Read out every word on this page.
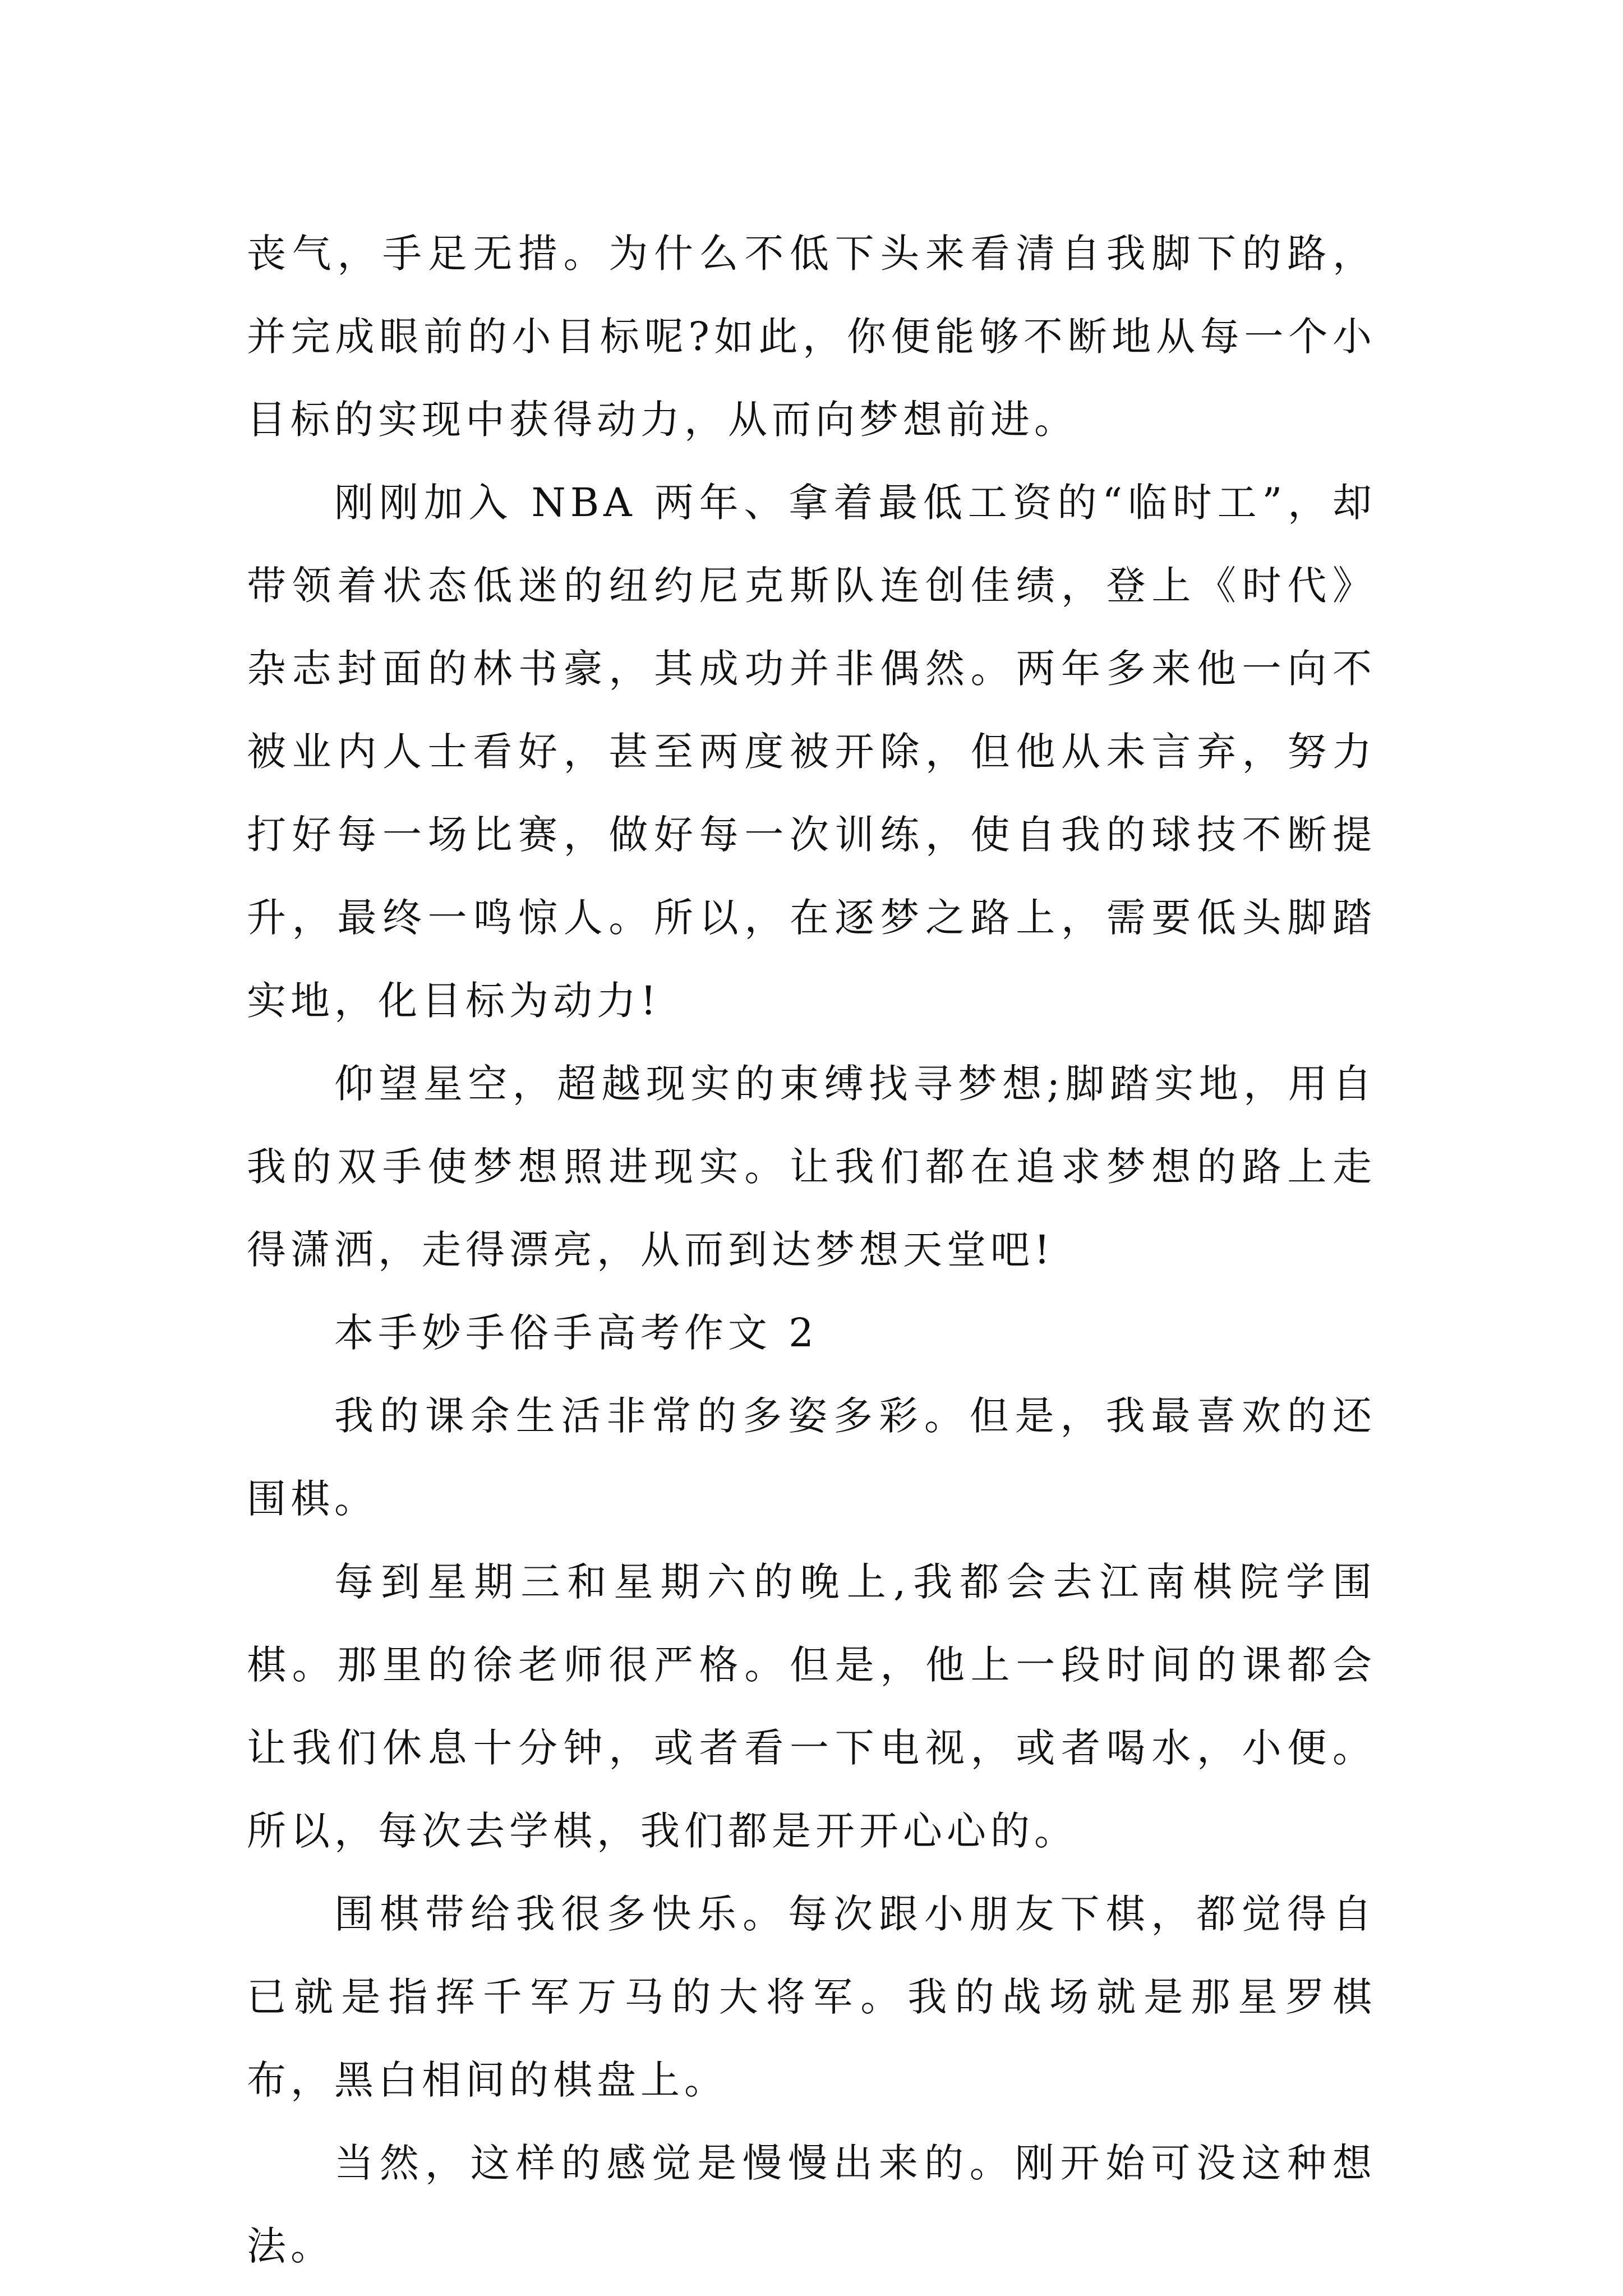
丧气，手足无措。为什么不低下头来看清自我脚下的路，并完成眼前的小目标呢?如此，你便能够不断地从每一个小目标的实现中获得动力，从而向梦想前进。

刚刚加入 NBA 两年、拿着最低工资的“临时工”，却带领着状态低迷的纽约尼克斯队连创佳绩，登上《时代》杂志封面的林书豪，其成功并非偶然。两年多来他一向不被业内人士看好，甚至两度被开除，但他从未言弃，努力打好每一场比赛，做好每一次训练，使自我的球技不断提升，最终一鸣惊人。所以，在逐梦之路上，需要低头脚踏实地，化目标为动力!

仰望星空，超越现实的束缚找寻梦想;脚踏实地，用自我的双手使梦想照进现实。让我们都在追求梦想的路上走得潇洒，走得漂亮，从而到达梦想天堂吧!

本手妙手俗手高考作文 2

我的课余生活非常的多姿多彩。但是，我最喜欢的还围棋。

每到星期三和星期六的晚上,我都会去江南棋院学围棋。那里的徐老师很严格。但是，他上一段时间的课都会让我们休息十分钟，或者看一下电视，或者喝水，小便。所以，每次去学棋，我们都是开开心心的。

围棋带给我很多快乐。每次跟小朋友下棋，都觉得自已就是指挥千军万马的大将军。我的战场就是那星罗棋布，黑白相间的棋盘上。

当然，这样的感觉是慢慢出来的。刚开始可没这种想法。
